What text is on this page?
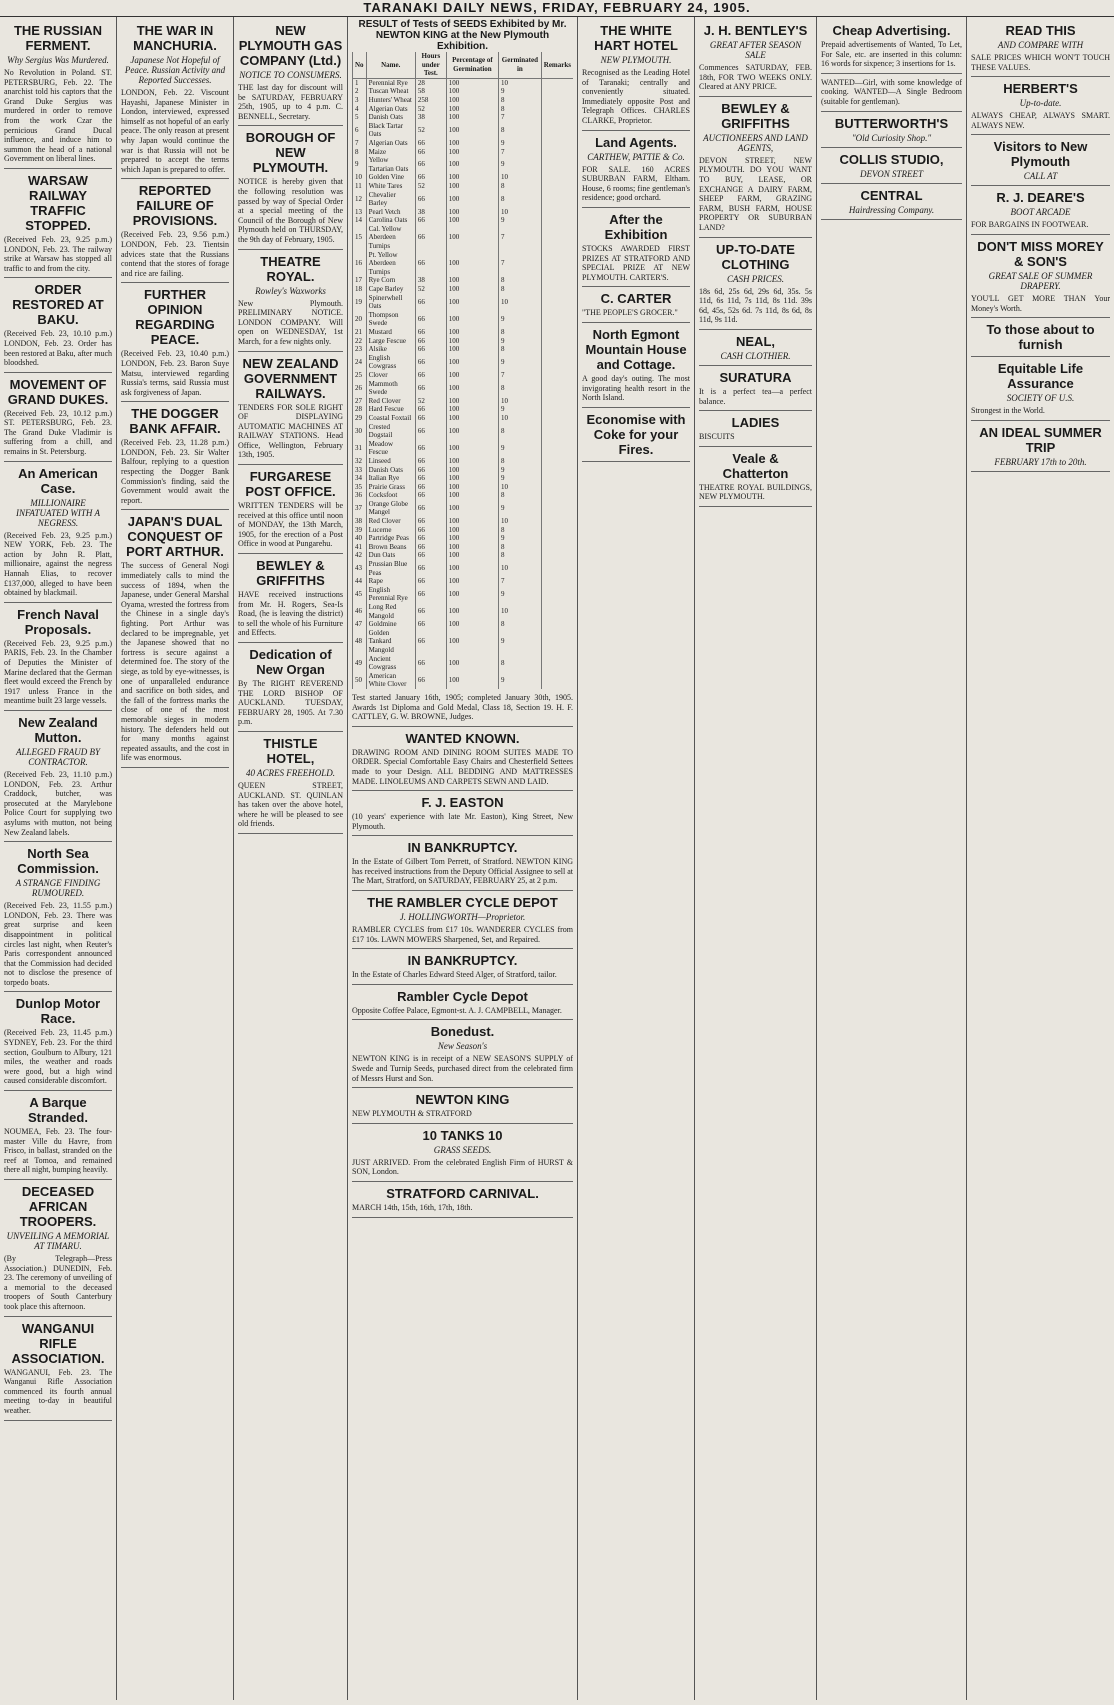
TARANAKI DAILY NEWS, FRIDAY, FEBRUARY 24, 1905.
THE RUSSIAN FERMENT.
Why Sergius Was Murdered.
No Revolution in Poland. ST. PETERSBURG, Feb. 22. The anarchist told his captors that the Grand Duke Sergius was murdered in order to remove from the work Czar the pernicious Grand Ducal influence, and induce him to summon the head of a national Government on liberal lines.
WARSAW RAILWAY TRAFFIC STOPPED.
(Received Feb. 23, 9.25 p.m.) LONDON, Feb. 23. The railway strike at Warsaw has stopped all traffic to and from the city.
ORDER RESTORED AT BAKU.
(Received Feb. 23, 10.10 p.m.) LONDON, Feb. 23. Order has been restored at Baku, after much bloodshed.
MOVEMENT OF GRAND DUKES.
(Received Feb. 23, 10.12 p.m.) ST. PETERSBURG, Feb. 23. The Grand Duke Vladimir is suffering from a chill, and remains in St. Petersburg.
An American Case.
MILLIONAIRE INFATUATED WITH A NEGRESS.
(Received Feb. 23, 9.25 p.m.) NEW YORK, Feb. 23. The action by John R. Platt, millionaire, against the negress Hannah Elias, to recover £137,000, alleged to have been obtained by blackmail.
French Naval Proposals.
(Received Feb. 23, 9.25 p.m.) PARIS, Feb. 23. In the Chamber of Deputies the Minister of Marine declared that the German fleet would exceed the French by 1917 unless France in the meantime built 23 large vessels.
New Zealand Mutton.
ALLEGED FRAUD BY CONTRACTOR.
(Received Feb. 23, 11.10 p.m.) LONDON, Feb. 23. Arthur Craddock, butcher, was prosecuted at the Marylebone Police Court for supplying two asylums with mutton, not being New Zealand labels.
North Sea Commission.
A STRANGE FINDING RUMOURED.
(Received Feb. 23, 11.55 p.m.) LONDON, Feb. 23. There was great surprise and keen disappointment in political circles last night, when Reuter's Paris correspondent announced that the Commission had decided not to disclose the presence of torpedo boats.
Dunlop Motor Race.
(Received Feb. 23, 11.45 p.m.) SYDNEY, Feb. 23. For the third section, Goulburn to Albury, 121 miles, the weather and roads were good, but a high wind caused considerable discomfort.
A Barque Stranded.
NOUMEA, Feb. 23. The four-master Ville du Havre, from Frisco, in ballast, stranded on the reef at Tomoa, and remained there all night, bumping heavily.
DECEASED AFRICAN TROOPERS.
UNVEILING A MEMORIAL AT TIMARU.
(By Telegraph—Press Association.) DUNEDIN, Feb. 23. The ceremony of unveiling of a memorial to the deceased troopers of South Canterbury took place this afternoon.
WANGANUI RIFLE ASSOCIATION.
WANGANUI, Feb. 23. The Wanganui Rifle Association commenced its fourth annual meeting to-day in beautiful weather.
THE WAR IN MANCHURIA.
Japanese Not Hopeful of Peace. Russian Activity and Reported Successes.
LONDON, Feb. 22. Viscount Hayashi, Japanese Minister in London, interviewed, expressed himself as not hopeful of an early peace. The only reason at present why Japan would continue the war is that Russia will not be prepared to accept the terms which Japan is prepared to offer.
REPORTED FAILURE OF PROVISIONS.
(Received Feb. 23, 9.56 p.m.) LONDON, Feb. 23. Tientsin advices state that the Russians contend that the stores of forage and rice are failing.
FURTHER OPINION REGARDING PEACE.
(Received Feb. 23, 10.40 p.m.) LONDON, Feb. 23. Baron Suye Matsu, interviewed regarding Russia's terms, said Russia must ask forgiveness of Japan.
THE DOGGER BANK AFFAIR.
(Received Feb. 23, 11.28 p.m.) LONDON, Feb. 23. Sir Walter Balfour, replying to a question respecting the Dogger Bank Commission's finding, said the Government would await the report.
JAPAN'S DUAL CONQUEST OF PORT ARTHUR.
The success of General Nogi immediately calls to mind the success of 1894, when the Japanese, under General Marshal Oyama, wrested the fortress from the Chinese in a single day's fighting. Port Arthur was declared to be impregnable, yet the Japanese showed that no fortress is secure against a determined foe. The story of the siege, as told by eye-witnesses, is one of unparalleled endurance and sacrifice on both sides, and the fall of the fortress marks the close of one of the most memorable sieges in modern history. The defenders held out for many months against repeated assaults, and the cost in life was enormous.
NEW PLYMOUTH GAS COMPANY (Ltd.)
NOTICE TO CONSUMERS.
THE last day for discount will be SATURDAY, FEBRUARY 25th, 1905, up to 4 p.m. C. BENNELL, Secretary.
BOROUGH OF NEW PLYMOUTH.
NOTICE is hereby given that the following resolution was passed by way of Special Order at a special meeting of the Council of the Borough of New Plymouth held on THURSDAY, the 9th day of February, 1905.
THEATRE ROYAL.
Rowley's Waxworks
New Plymouth. PRELIMINARY NOTICE. LONDON COMPANY. Will open on WEDNESDAY, 1st March, for a few nights only.
NEW ZEALAND GOVERNMENT RAILWAYS.
TENDERS FOR SOLE RIGHT OF DISPLAYING AUTOMATIC MACHINES AT RAILWAY STATIONS. Head Office, Wellington, February 13th, 1905.
FURGARESE POST OFFICE.
WRITTEN TENDERS will be received at this office until noon of MONDAY, the 13th March, 1905, for the erection of a Post Office in wood at Pungarehu.
BEWLEY & GRIFFITHS
HAVE received instructions from Mr. H. Rogers, Sea-Is Road, (he is leaving the district) to sell the whole of his Furniture and Effects.
Dedication of New Organ
By The RIGHT REVEREND THE LORD BISHOP OF AUCKLAND. TUESDAY, FEBRUARY 28, 1905. At 7.30 p.m.
THISTLE HOTEL,
40 ACRES FREEHOLD.
QUEEN STREET, AUCKLAND. ST. QUINLAN has taken over the above hotel, where he will be pleased to see old friends.
RESULT of Tests of SEEDS Exhibited by Mr. NEWTON KING at the New Plymouth Exhibition.
No	Name.	Hours under Test.	Percentage of Germination	Germinated in	Remarks
1	Perennial Rye	28	100	10	
2	Tuscan Wheat	58	100	9	
3	Hunters' Wheat	258	100	8	
4	Algerian Oats	52	100	8	
5	Danish Oats	38	100	7	
6	Black Tartar Oats	52	100	8	
7	Algerian Oats	66	100	9	
8	Maize	66	100	7	
9	Yellow Tartarian Oats	66	100	9	
10	Golden Vine	66	100	10	
11	White Tares	52	100	8	
12	Chevalier Barley	66	100	8	
13	Pearl Vetch	38	100	10	
14	Carolina Oats	66	100	9	
15	Cal. Yellow Aberdeen Turnips	66	100	7	
16	Pt. Yellow Aberdeen Turnips	66	100	7	
17	Rye Corn	38	100	8	
18	Cape Barley	52	100	8	
19	Spinerwhell Oats	66	100	10	
20	Thompson Swede	66	100	9	
21	Mustard	66	100	8	
22	Large Fescue	66	100	9	
23	Alsike	66	100	8	
24	English Cowgrass	66	100	9	
25	Clover	66	100	7	
26	Mammoth Swede	66	100	8	
27	Red Clover	52	100	10	
28	Hard Fescue	66	100	9	
29	Coastal Foxtail	66	100	10	
30	Crested Dogstail	66	100	8	
31	Meadow Fescue	66	100	9	
32	Linseed	66	100	8	
33	Danish Oats	66	100	9	
34	Italian Rye	66	100	9	
35	Prairie Grass	66	100	10	
36	Cocksfoot	66	100	8	
37	Orange Globe Mangel	66	100	9	
38	Red Clover	66	100	10	
39	Lucerne	66	100	8	
40	Partridge Peas	66	100	9	
41	Brown Beans	66	100	8	
42	Dun Oats	66	100	8	
43	Prussian Blue Peas	66	100	10	
44	Rape	66	100	7	
45	English Perennial Rye	66	100	9	
46	Long Red Mangold	66	100	10	
47	Goldmine	66	100	8	
48	Golden Tankard Mangold	66	100	9	
49	Ancient Cowgrass	66	100	8	
50	American White Clover	66	100	9	
Test started January 16th, 1905; completed January 30th, 1905. Awards 1st Diploma and Gold Medal, Class 18, Section 19. H. F. CATTLEY, G. W. BROWNE, Judges.
WANTED KNOWN.
DRAWING ROOM AND DINING ROOM SUITES MADE TO ORDER. Special Comfortable Easy Chairs and Chesterfield Settees made to your Design. ALL BEDDING AND MATTRESSES MADE. LINOLEUMS AND CARPETS SEWN AND LAID.
F. J. EASTON
(10 years' experience with late Mr. Easton), King Street, New Plymouth.
IN BANKRUPTCY.
In the Estate of Gilbert Tom Perrett, of Stratford. NEWTON KING has received instructions from the Deputy Official Assignee to sell at The Mart, Stratford, on SATURDAY, FEBRUARY 25, at 2 p.m.
THE RAMBLER CYCLE DEPOT
J. HOLLINGWORTH—Proprietor.
RAMBLER CYCLES from £17 10s. WANDERER CYCLES from £17 10s. LAWN MOWERS Sharpened, Set, and Repaired.
IN BANKRUPTCY.
In the Estate of Charles Edward Steed Alger, of Stratford, tailor.
Rambler Cycle Depot
Opposite Coffee Palace, Egmont-st. A. J. CAMPBELL, Manager.
Bonedust.
New Season's
NEWTON KING is in receipt of a NEW SEASON'S SUPPLY of Swede and Turnip Seeds, purchased direct from the celebrated firm of Messrs Hurst and Son.
NEWTON KING
NEW PLYMOUTH & STRATFORD
10 TANKS 10
GRASS SEEDS.
JUST ARRIVED. From the celebrated English Firm of HURST & SON, London.
STRATFORD CARNIVAL.
MARCH 14th, 15th, 16th, 17th, 18th.
THE WHITE HART HOTEL
NEW PLYMOUTH.
Recognised as the Leading Hotel of Taranaki; centrally and conveniently situated. Immediately opposite Post and Telegraph Offices. CHARLES CLARKE, Proprietor.
Land Agents.
CARTHEW, PATTIE & Co.
FOR SALE. 160 ACRES SUBURBAN FARM, Eltham. House, 6 rooms; fine gentleman's residence; good orchard.
After the Exhibition
STOCKS AWARDED FIRST PRIZES AT STRATFORD AND SPECIAL PRIZE AT NEW PLYMOUTH. CARTER'S.
C. CARTER
"THE PEOPLE'S GROCER."
North Egmont Mountain House and Cottage.
A good day's outing. The most invigorating health resort in the North Island.
Economise with Coke for your Fires.
J. H. BENTLEY'S
GREAT AFTER SEASON SALE
Commences SATURDAY, FEB. 18th, FOR TWO WEEKS ONLY. Cleared at ANY PRICE.
BEWLEY & GRIFFITHS
AUCTIONEERS AND LAND AGENTS,
DEVON STREET, NEW PLYMOUTH. DO YOU WANT TO BUY, LEASE, OR EXCHANGE A DAIRY FARM, SHEEP FARM, GRAZING FARM, BUSH FARM, HOUSE PROPERTY OR SUBURBAN LAND?
UP-TO-DATE CLOTHING
CASH PRICES.
18s 6d, 25s 6d, 29s 6d, 35s. 5s 11d, 6s 11d, 7s 11d, 8s 11d. 39s 6d, 45s, 52s 6d. 7s 11d, 8s 6d, 8s 11d, 9s 11d.
NEAL,
CASH CLOTHIER.
SURATURA
It is a perfect tea—a perfect balance.
LADIES
BISCUITS
Veale & Chatterton
THEATRE ROYAL BUILDINGS, NEW PLYMOUTH.
Cheap Advertising.
Prepaid advertisements of Wanted, To Let, For Sale, etc. are inserted in this column: 16 words for sixpence; 3 insertions for 1s.
WANTED—Girl, with some knowledge of cooking. WANTED—A Single Bedroom (suitable for gentleman).
BUTTERWORTH'S
"Old Curiosity Shop."
COLLIS STUDIO,
DEVON STREET
CENTRAL
Hairdressing Company.
READ THIS
AND COMPARE WITH
SALE PRICES WHICH WON'T TOUCH THESE VALUES.
HERBERT'S
Up-to-date.
ALWAYS CHEAP, ALWAYS SMART. ALWAYS NEW.
Visitors to New Plymouth
CALL AT
R. J. DEARE'S
BOOT ARCADE
FOR BARGAINS IN FOOTWEAR.
DON'T MISS MOREY & SON'S
GREAT SALE OF SUMMER DRAPERY.
YOU'LL GET MORE THAN Your Money's Worth.
To those about to furnish
Equitable Life Assurance
SOCIETY OF U.S.
Strongest in the World.
AN IDEAL SUMMER TRIP
FEBRUARY 17th to 20th.
